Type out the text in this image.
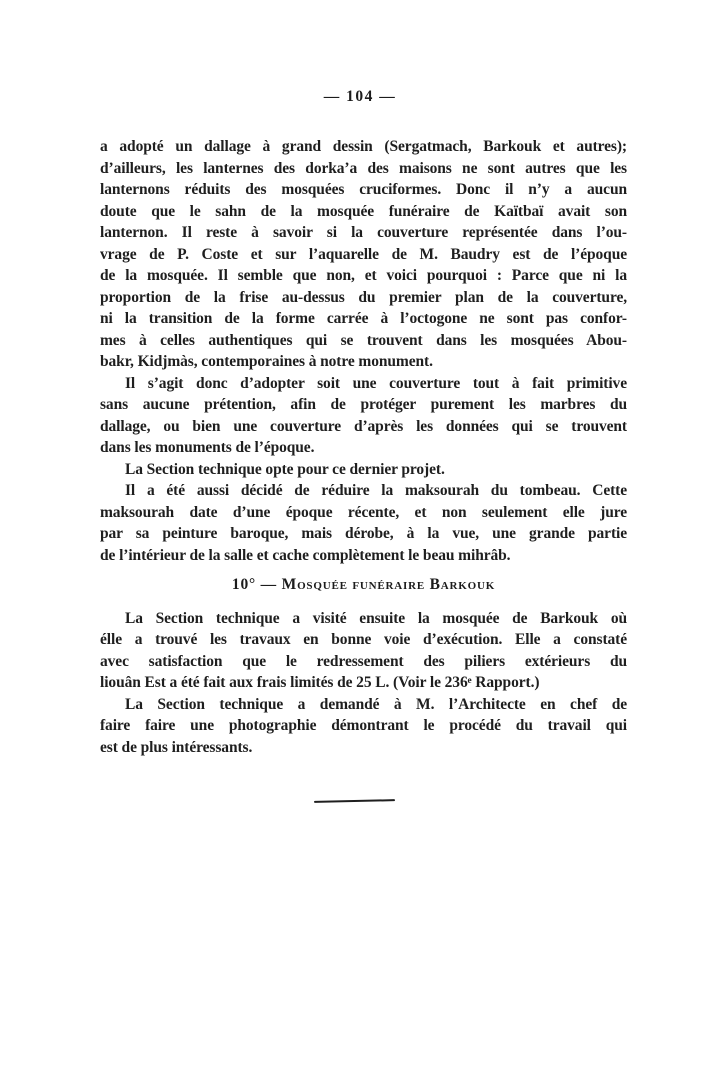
— 104 —
a adopté un dallage à grand dessin (Sergatmach, Barkouk et autres);
d’ailleurs, les lanternes des dorka’a des maisons ne sont autres que les
lanternons réduits des mosquées cruciformes. Donc il n’y a aucun
doute que le sahn de la mosquée funéraire de Kaïtbaï avait son
lanternon. Il reste à savoir si la couverture représentée dans l’ou-
vrage de P. Coste et sur l’aquarelle de M. Baudry est de l’époque
de la mosquée. Il semble que non, et voici pourquoi : Parce que ni la
proportion de la frise au-dessus du premier plan de la couverture,
ni la transition de la forme carrée à l’octogone ne sont pas confor-
mes à celles authentiques qui se trouvent dans les mosquées Abou-
bakr, Kidjmàs, contemporaines à notre monument.
Il s’agit donc d’adopter soit une couverture tout à fait primitive
sans aucune prétention, afin de protéger purement les marbres du
dallage, ou bien une couverture d’après les données qui se trouvent
dans les monuments de l’époque.
La Section technique opte pour ce dernier projet.
Il a été aussi décidé de réduire la maksourah du tombeau. Cette
maksourah date d’une époque récente, et non seulement elle jure
par sa peinture baroque, mais dérobe, à la vue, une grande partie
de l’intérieur de la salle et cache complètement le beau mihrâb.
10° — Mosquée funéraire Barkouk
La Section technique a visité ensuite la mosquée de Barkouk où
élle a trouvé les travaux en bonne voie d’exécution. Elle a constaté
avec satisfaction que le redressement des piliers extérieurs du
liouân Est a été fait aux frais limités de 25 L. (Voir le 236ᵉ Rapport.)
La Section technique a demandé à M. l’Architecte en chef de
faire faire une photographie démontrant le procédé du travail qui
est de plus intéressants.
